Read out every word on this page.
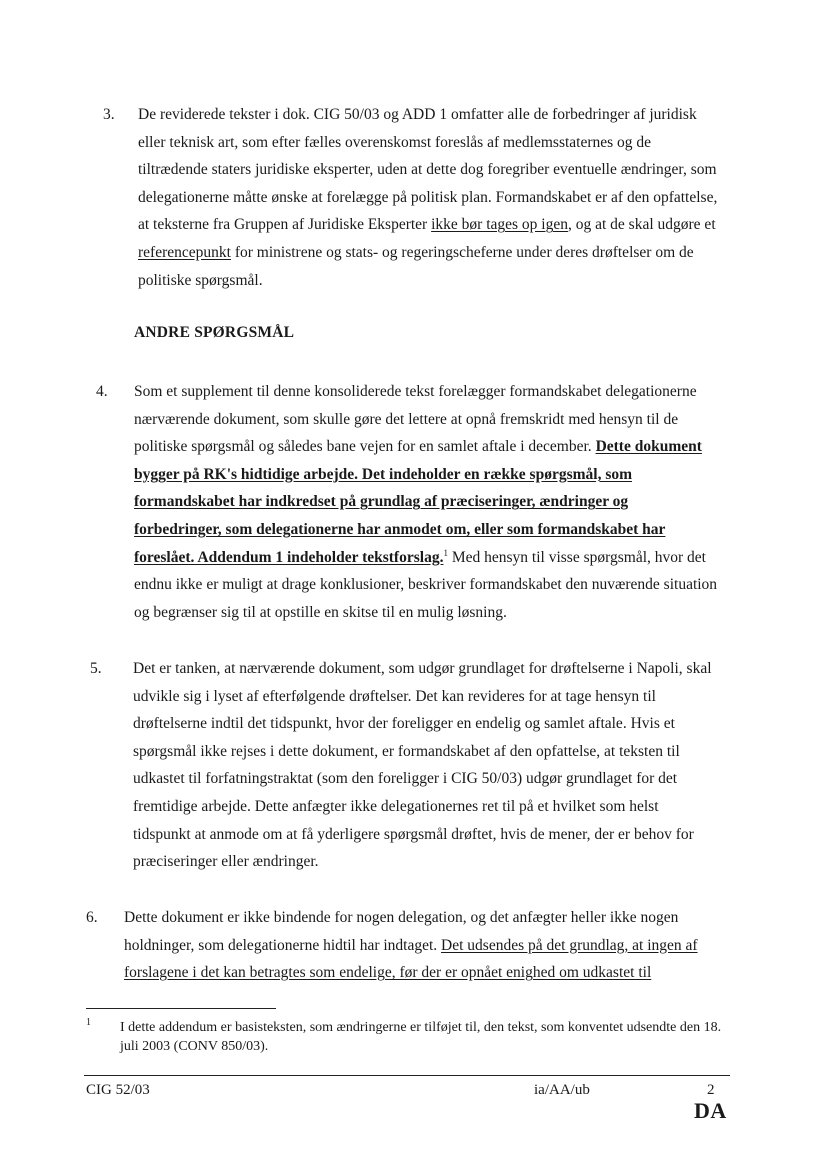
3. De reviderede tekster i dok. CIG 50/03 og ADD 1 omfatter alle de forbedringer af juridisk
eller teknisk art, som efter fælles overenskomst foreslås af medlemsstaternes og de
tiltrædende staters juridiske eksperter, uden at dette dog foregriber eventuelle ændringer, som
delegationerne måtte ønske at forelægge på politisk plan. Formandskabet er af den opfattelse,
at teksterne fra Gruppen af Juridiske Eksperter ikke bør tages op igen, og at de skal udgøre et
referencepunkt for ministrene og stats- og regeringscheferne under deres drøftelser om de
politiske spørgsmål.
4. Som et supplement til denne konsoliderede tekst forelægger formandskabet delegationerne
nærværende dokument, som skulle gøre det lettere at opnå fremskridt med hensyn til de
politiske spørgsmål og således bane vejen for en samlet aftale i december. Dette dokument
bygger på RK's hidtidige arbejde. Det indeholder en række spørgsmål, som
formandskabet har indkredset på grundlag af præciseringer, ændringer og
forbedringer, som delegationerne har anmodet om, eller som formandskabet har
foreslået. Addendum 1 indeholder tekstforslag.$^1$ Med hensyn til visse spørgsmål, hvor det
endnu ikke er muligt at drage konklusioner, beskriver formandskabet den nuværende situation
og begrænser sig til at opstille en skitse til en mulig løsning.
5. Det er tanken, at nærværende dokument, som udgør grundlaget for drøftelserne i Napoli, skal
udvikle sig i lyset af efterfølgende drøftelser. Det kan revideres for at tage hensyn til
drøftelserne indtil det tidspunkt, hvor der foreligger en endelig og samlet aftale. Hvis et
spørgsmål ikke rejses i dette dokument, er formandskabet af den opfattelse, at teksten til
udkastet til forfatningstraktat (som den foreligger i CIG 50/03) udgør grundlaget for det
fremtidige arbejde. Dette anfægter ikke delegationernes ret til på et hvilket som helst
tidspunkt at anmode om at få yderligere spørgsmål drøftet, hvis de mener, der er behov for
præciseringer eller ændringer.
6. Dette dokument er ikke bindende for nogen delegation, og det anfægter heller ikke nogen
holdninger, som delegationerne hidtil har indtaget. Det udsendes på det grundlag, at ingen af
forslagene i det kan betragtes som endelige, før der er opnået enighed om udkastet til
ANDRE SPØRGSMÅL
1 I dette addendum er basisteksten, som ændringerne er tilføjet til, den tekst, som konventet udsendte den 18. juli 2003 (CONV 850/03).
CIG 52/03	ia/AA/ub	2
DA
